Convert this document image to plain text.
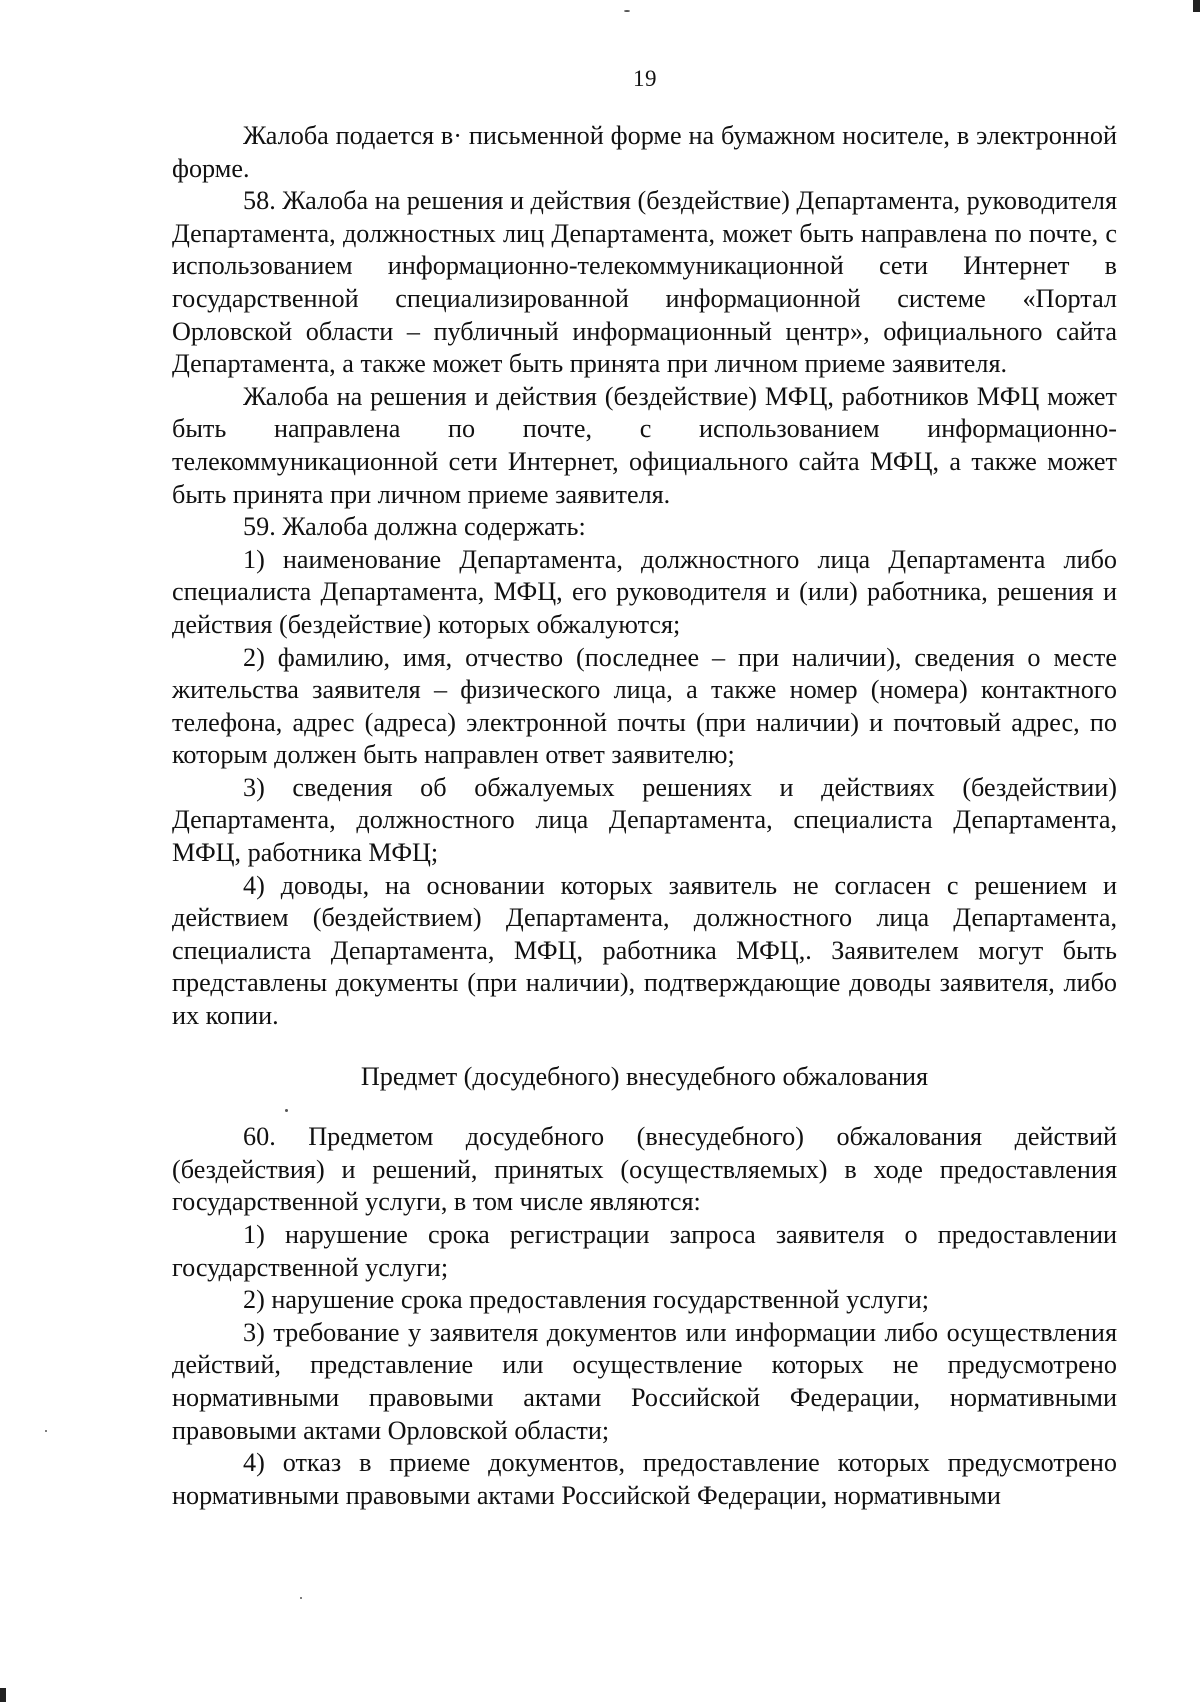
19

Жалоба подается в· письменной форме на бумажном носителе, в электронной форме.

58. Жалоба на решения и действия (бездействие) Департамента, руководителя Департамента, должностных лиц Департамента, может быть направлена по почте, с использованием информационно-телекоммуникационной сети Интернет в государственной специализированной информационной системе «Портал Орловской области – публичный информационный центр», официального сайта Департамента, а также может быть принята при личном приеме заявителя.

Жалоба на решения и действия (бездействие) МФЦ, работников МФЦ может быть направлена по почте, с использованием информационно-телекоммуникационной сети Интернет, официального сайта МФЦ, а также может быть принята при личном приеме заявителя.

59. Жалоба должна содержать:

1) наименование Департамента, должностного лица Департамента либо специалиста Департамента, МФЦ, его руководителя и (или) работника, решения и действия (бездействие) которых обжалуются;

2) фамилию, имя, отчество (последнее – при наличии), сведения о месте жительства заявителя – физического лица, а также номер (номера) контактного телефона, адрес (адреса) электронной почты (при наличии) и почтовый адрес, по которым должен быть направлен ответ заявителю;

3) сведения об обжалуемых решениях и действиях (бездействии) Департамента, должностного лица Департамента, специалиста Департамента, МФЦ, работника МФЦ;

4) доводы, на основании которых заявитель не согласен с решением и действием (бездействием) Департамента, должностного лица Департамента, специалиста Департамента, МФЦ, работника МФЦ,. Заявителем могут быть представлены документы (при наличии), подтверждающие доводы заявителя, либо их копии.

Предмет (досудебного) внесудебного обжалования

60. Предметом досудебного (внесудебного) обжалования действий (бездействия) и решений, принятых (осуществляемых) в ходе предоставления государственной услуги, в том числе являются:

1) нарушение срока регистрации запроса заявителя о предоставлении государственной услуги;

2) нарушение срока предоставления государственной услуги;

3) требование у заявителя документов или информации либо осуществления действий, представление или осуществление которых не предусмотрено нормативными правовыми актами Российской Федерации, нормативными правовыми актами Орловской области;

4) отказ в приеме документов, предоставление которых предусмотрено нормативными правовыми актами Российской Федерации, нормативными
